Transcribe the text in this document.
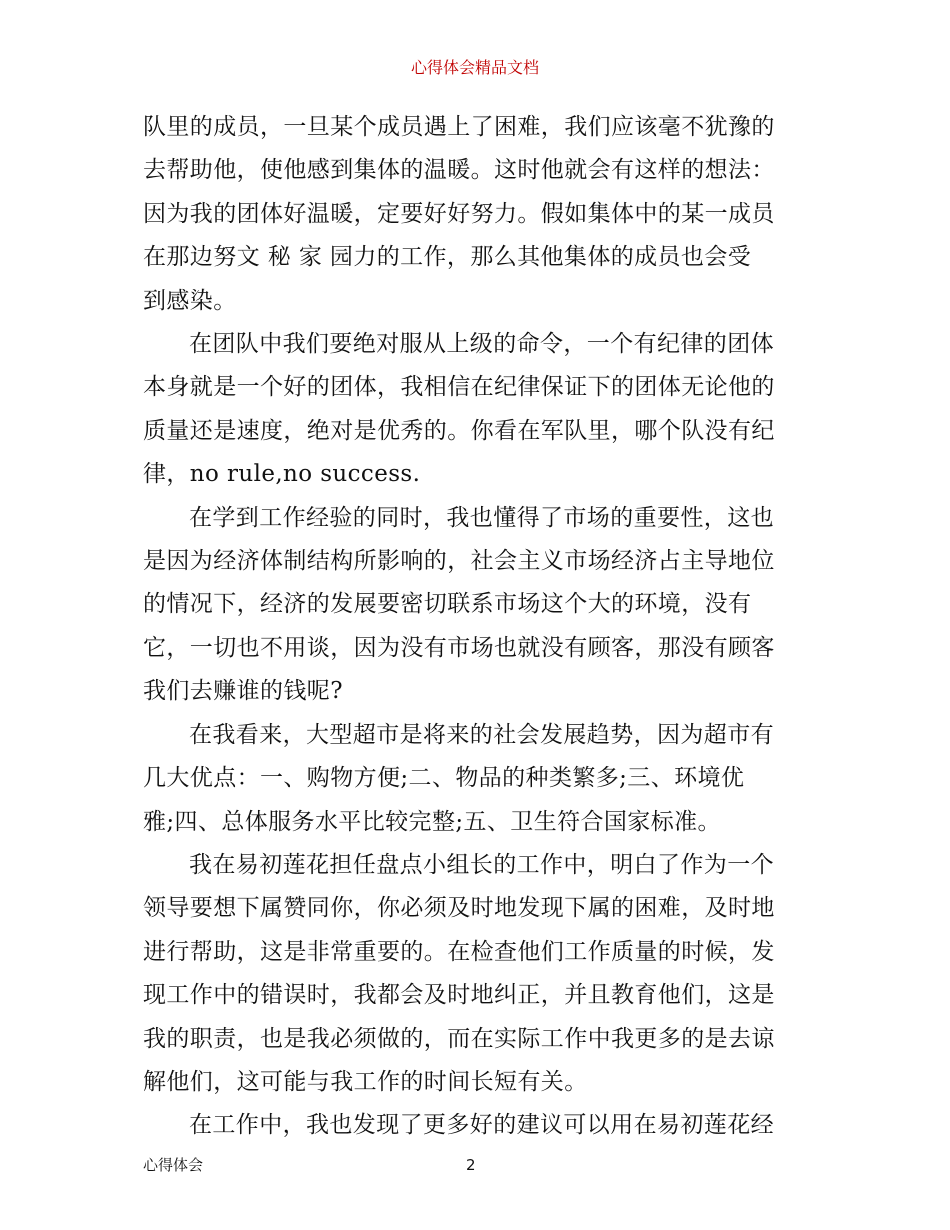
心得体会精品文档

队里的成员，一旦某个成员遇上了困难，我们应该毫不犹豫的
去帮助他，使他感到集体的温暖。这时他就会有这样的想法：
因为我的团体好温暖，定要好好努力。假如集体中的某一成员
在那边努文 秘 家 园力的工作，那么其他集体的成员也会受
到感染。

在团队中我们要绝对服从上级的命令，一个有纪律的团体
本身就是一个好的团体，我相信在纪律保证下的团体无论他的
质量还是速度，绝对是优秀的。你看在军队里，哪个队没有纪
律，no rule,no success.

在学到工作经验的同时，我也懂得了市场的重要性，这也
是因为经济体制结构所影响的，社会主义市场经济占主导地位
的情况下，经济的发展要密切联系市场这个大的环境，没有
它，一切也不用谈，因为没有市场也就没有顾客，那没有顾客
我们去赚谁的钱呢?

在我看来，大型超市是将来的社会发展趋势，因为超市有
几大优点：一、购物方便;二、物品的种类繁多;三、环境优
雅;四、总体服务水平比较完整;五、卫生符合国家标准。

我在易初莲花担任盘点小组长的工作中，明白了作为一个
领导要想下属赞同你，你必须及时地发现下属的困难，及时地
进行帮助，这是非常重要的。在检查他们工作质量的时候，发
现工作中的错误时，我都会及时地纠正，并且教育他们，这是
我的职责，也是我必须做的，而在实际工作中我更多的是去谅
解他们，这可能与我工作的时间长短有关。

在工作中，我也发现了更多好的建议可以用在易初莲花经

心得体会	2
